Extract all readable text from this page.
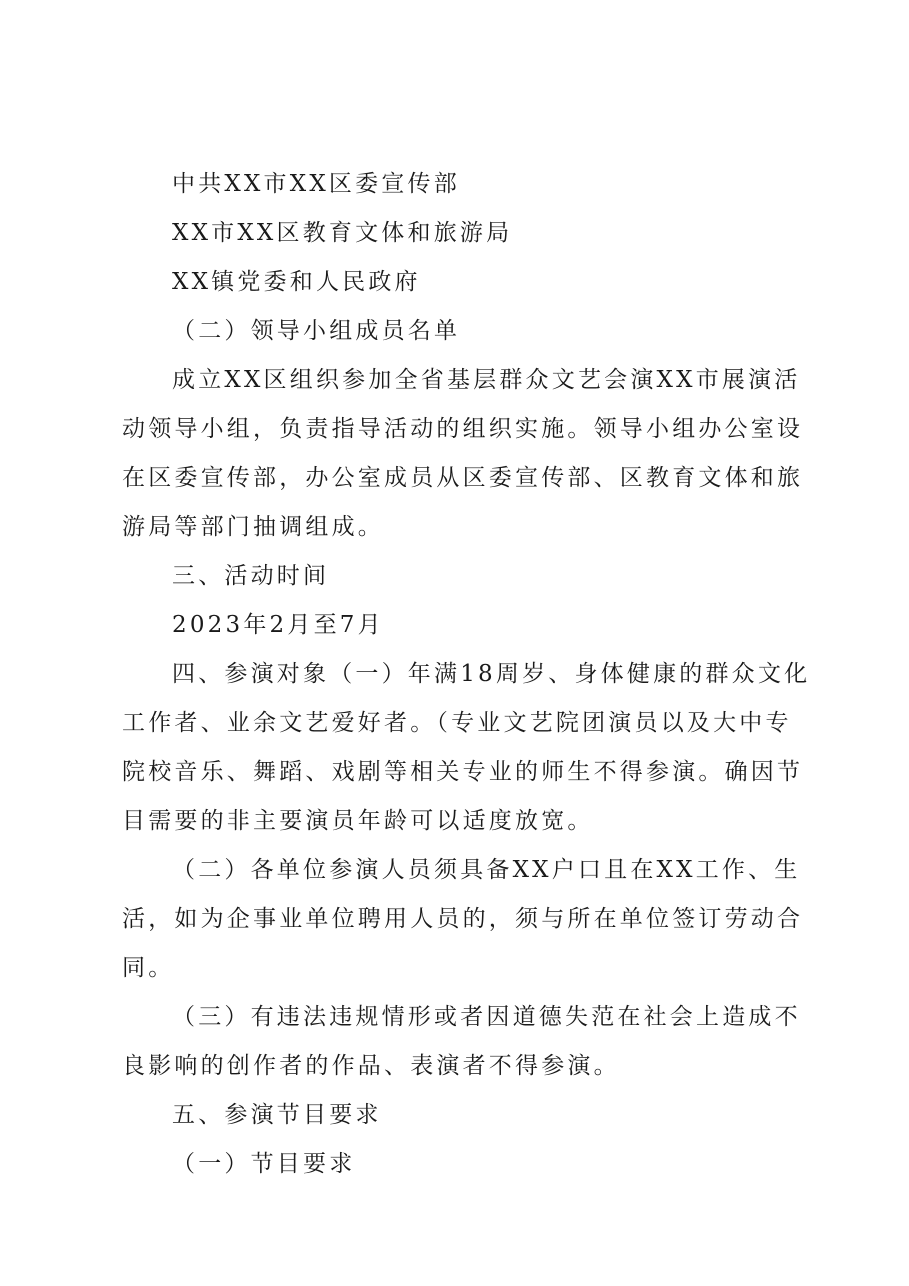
中共XX市XX区委宣传部

XX市XX区教育文体和旅游局

XX镇党委和人民政府

（二）领导小组成员名单

成立XX区组织参加全省基层群众文艺会演XX市展演活动领导小组，负责指导活动的组织实施。领导小组办公室设在区委宣传部，办公室成员从区委宣传部、区教育文体和旅游局等部门抽调组成。

三、活动时间

2023年2月至7月

四、参演对象（一）年满18周岁、身体健康的群众文化工作者、业余文艺爱好者。（专业文艺院团演员以及大中专院校音乐、舞蹈、戏剧等相关专业的师生不得参演。确因节目需要的非主要演员年龄可以适度放宽。

（二）各单位参演人员须具备XX户口且在XX工作、生活，如为企事业单位聘用人员的，须与所在单位签订劳动合同。

（三）有违法违规情形或者因道德失范在社会上造成不良影响的创作者的作品、表演者不得参演。

五、参演节目要求

（一）节目要求
